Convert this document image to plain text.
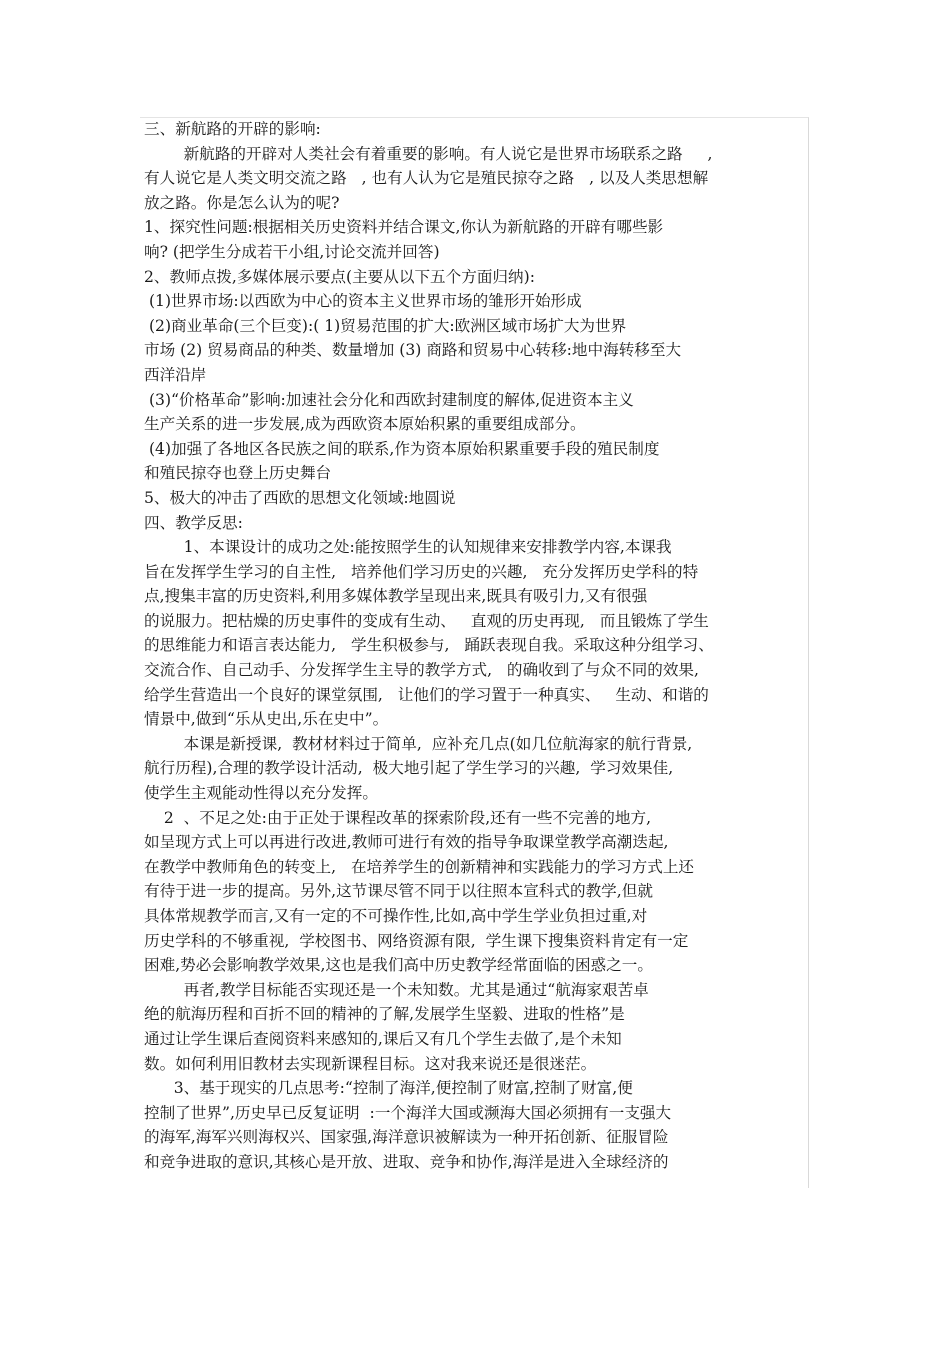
三、新航路的开辟的影响:
新航路的开辟对人类社会有着重要的影响。有人说它是世界市场联系之路     ,
有人说它是人类文明交流之路   , 也有人认为它是殖民掠夺之路   , 以及人类思想解
放之路。你是怎么认为的呢?
1、探究性问题:根据相关历史资料并结合课文,你认为新航路的开辟有哪些影
响? (把学生分成若干小组,讨论交流并回答)
2、教师点拨,多媒体展示要点(主要从以下五个方面归纳):
(1)世界市场:以西欧为中心的资本主义世界市场的雏形开始形成
(2)商业革命(三个巨变):( 1)贸易范围的扩大:欧洲区域市场扩大为世界
市场 (2) 贸易商品的种类、数量增加 (3) 商路和贸易中心转移:地中海转移至大
西洋沿岸
(3)“价格革命”影响:加速社会分化和西欧封建制度的解体,促进资本主义
生产关系的进一步发展,成为西欧资本原始积累的重要组成部分。
(4)加强了各地区各民族之间的联系,作为资本原始积累重要手段的殖民制度
和殖民掠夺也登上历史舞台
5、极大的冲击了西欧的思想文化领域:地圆说
四、教学反思:
1、本课设计的成功之处:能按照学生的认知规律来安排教学内容,本课我
旨在发挥学生学习的自主性,   培养他们学习历史的兴趣,   充分发挥历史学科的特
点,搜集丰富的历史资料,利用多媒体教学呈现出来,既具有吸引力,又有很强
的说服力。把枯燥的历史事件的变成有生动、   直观的历史再现,   而且锻炼了学生
的思维能力和语言表达能力,   学生积极参与,   踊跃表现自我。采取这种分组学习、
交流合作、自己动手、分发挥学生主导的教学方式,   的确收到了与众不同的效果,
给学生营造出一个良好的课堂氛围,   让他们的学习置于一种真实、   生动、和谐的
情景中,做到“乐从史出,乐在史中”。
本课是新授课,  教材材料过于简单,  应补充几点(如几位航海家的航行背景,
航行历程),合理的教学设计活动,  极大地引起了学生学习的兴趣,  学习效果佳,
使学生主观能动性得以充分发挥。
2  、不足之处:由于正处于课程改革的探索阶段,还有一些不完善的地方,
如呈现方式上可以再进行改进,教师可进行有效的指导争取课堂教学高潮迭起,
在教学中教师角色的转变上,   在培养学生的创新精神和实践能力的学习方式上还
有待于进一步的提高。另外,这节课尽管不同于以往照本宣科式的教学,但就
具体常规教学而言,又有一定的不可操作性,比如,高中学生学业负担过重,对
历史学科的不够重视,  学校图书、网络资源有限,  学生课下搜集资料肯定有一定
困难,势必会影响教学效果,这也是我们高中历史教学经常面临的困惑之一。
再者,教学目标能否实现还是一个未知数。尤其是通过“航海家艰苦卓
绝的航海历程和百折不回的精神的了解,发展学生坚毅、进取的性格”是
通过让学生课后查阅资料来感知的,课后又有几个学生去做了,是个未知
数。如何利用旧教材去实现新课程目标。这对我来说还是很迷茫。
3、基于现实的几点思考:“控制了海洋,便控制了财富,控制了财富,便
控制了世界”,历史早已反复证明  :一个海洋大国或濒海大国必须拥有一支强大
的海军,海军兴则海权兴、国家强,海洋意识被解读为一种开拓创新、征服冒险
和竞争进取的意识,其核心是开放、进取、竞争和协作,海洋是进入全球经济的
